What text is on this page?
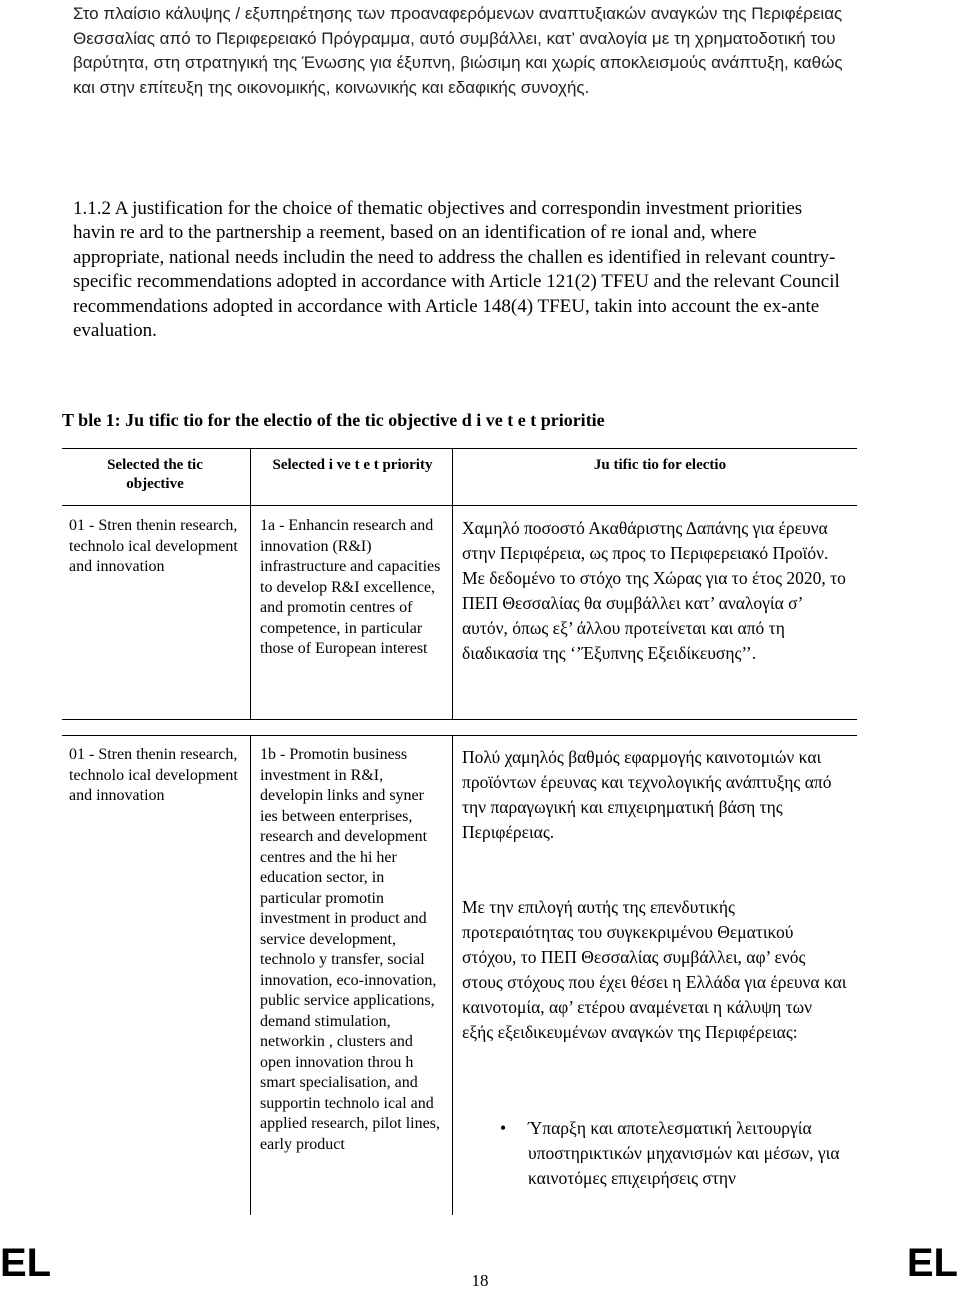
Στο πλαίσιο κάλυψης / εξυπηρέτησης των προαναφερόμενων αναπτυξιακών αναγκών της Περιφέρειας Θεσσαλίας από το Περιφερειακό Πρόγραμμα, αυτό συμβάλλει, κατ’ αναλογία με τη χρηματοδοτική του βαρύτητα, στη στρατηγική της Ένωσης για έξυπνη, βιώσιμη και χωρίς αποκλεισμούς ανάπτυξη, καθώς και στην επίτευξη της οικονομικής, κοινωνικής και εδαφικής συνοχής.
1.1.2 A justification for the choice of thematic objectives and correspondin investment priorities havin re ard to the partnership a reement, based on an identification of re ional and, where appropriate, national needs includin the need to address the challen es identified in relevant country-specific recommendations adopted in accordance with Article 121(2) TFEU and the relevant Council recommendations adopted in accordance with Article 148(4) TFEU, takin into account the ex-ante evaluation.
T ble 1: Ju tific tio for the electio of the tic objective d i ve t e t prioritie
Selected the tic objective
Selected i ve t e t priority	Ju tific tio for electio
01 - Stren thenin research, technolo ical development and innovation
1a - Enhancin research and innovation (R&I) infrastructure and capacities to develop R&I excellence, and promotin centres of competence, in particular those of European interest
Χαμηλό ποσοστό Ακαθάριστης Δαπάνης για έρευνα στην Περιφέρεια, ως προς το Περιφερειακό Προϊόν. Με δεδομένο το στόχο της Χώρας για το έτος 2020, το ΠΕΠ Θεσσαλίας θα συμβάλλει κατ’ αναλογία σ’ αυτόν, όπως εξ’ άλλου προτείνεται και από τη διαδικασία της ‘’Έξυπνης Εξειδίκευσης’’.
01 - Stren thenin research, technolo ical development and innovation
1b - Promotin business investment in R&I, developin links and syner ies between enterprises, research and development centres and the hi her education sector, in particular promotin investment in product and service development, technolo y transfer, social innovation, eco-innovation, public service applications, demand stimulation, networkin , clusters and open innovation throu h smart specialisation, and supportin technolo ical and applied research, pilot lines, early product
Πολύ χαμηλός βαθμός εφαρμογής καινοτομιών και προϊόντων έρευνας και τεχνολογικής ανάπτυξης από την παραγωγική και επιχειρηματική βάση της Περιφέρειας.
Με την επιλογή αυτής της επενδυτικής προτεραιότητας του συγκεκριμένου Θεματικού στόχου, το ΠΕΠ Θεσσαλίας συμβάλλει, αφ’ ενός στους στόχους που έχει θέσει η Ελλάδα για έρευνα και καινοτομία, αφ’ ετέρου αναμένεται η κάλυψη των εξής εξειδικευμένων αναγκών της Περιφέρειας:
• Ύπαρξη και αποτελεσματική λειτουργία υποστηρικτικών μηχανισμών και μέσων, για καινοτόμες επιχειρήσεις στην
EL	EL
18
